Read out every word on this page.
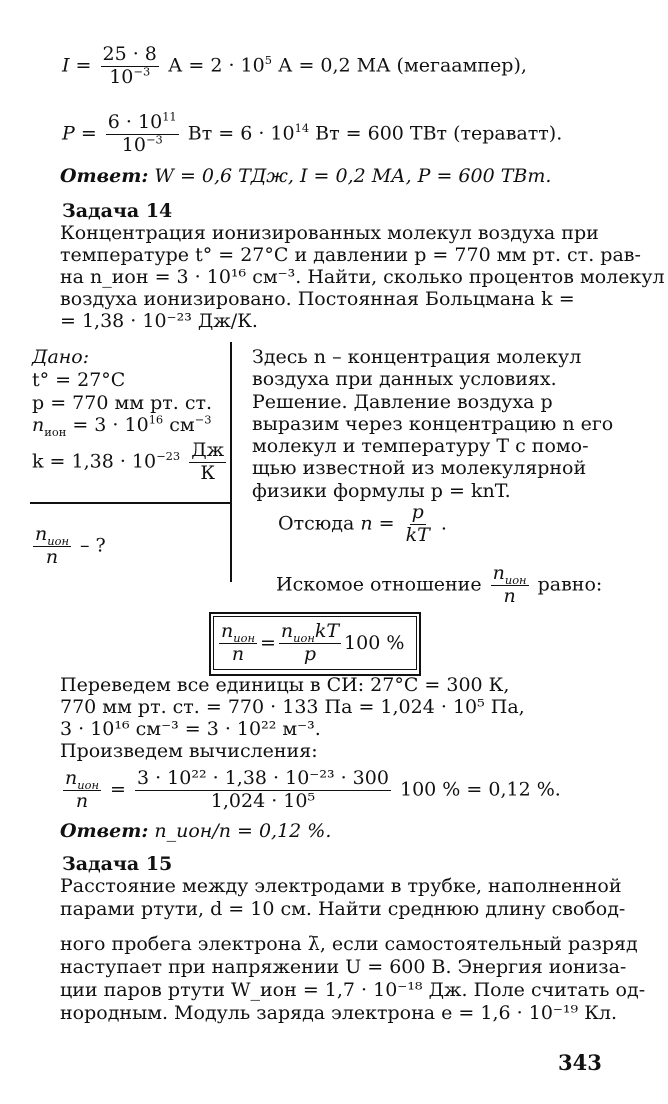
$I = \frac{25 \cdot 8}{10^{-3}}$ $А = 2 \cdot 10^5$ А = 0,2 МА (мегаампер),
$P = \frac{6 \cdot 10^{11}}{10^{-3}}$ Вт = $6 \cdot 10^{14}$ Вт = 600 ТВт (тераватт).
Ответ: W = 0,6 ТДж, I = 0,2 МА, P = 600 ТВт.
Задача 14
Концентрация ионизированных молекул воздуха при
температуре t° = 27°С и давлении p = 770 мм рт. ст. рав-
на n_ион = 3 · 10¹⁶ см⁻³. Найти, сколько процентов молекул
воздуха ионизировано. Постоянная Больцмана k =
= 1,38 · 10⁻²³ Дж/К.
Дано:
t° = 27°С
p = 770 мм рт. ст.
$n_{ион} = 3 \cdot 10^{16}$ $см^{-3}$
$k = 1,38 \cdot 10^{-23} \frac{Дж}{К}$
$\frac{n_{ион}}{n}$ – ?
Здесь n – концентрация молекул
воздуха при данных условиях.
Решение. Давление воздуха p
выразим через концентрацию n его
молекул и температуру T с помо-
щью известной из молекулярной
физики формулы p = knT.
Отсюда $n = \frac{p}{kT}$ .
Искомое отношение $\frac{n_{ион}}{n}$ равно:
$\frac{n_{ион}}{n} = \frac{n_{ион}kT}{p} 100$ %
Переведем все единицы в СИ: 27°С = 300 К,
770 мм рт. ст. = 770 · 133 Па = 1,024 · 10⁵ Па,
3 · 10¹⁶ см⁻³ = 3 · 10²² м⁻³.
Произведем вычисления:
$\frac{n_{ион}}{n} = \frac{\text{3 · 10²² · 1,38 · 10⁻²³ · 300}}{\text{1,024 · 10⁵}} 100$ % = 0,12 %.
Ответ: n_ион/n = 0,12 %.
Задача 15
Расстояние между электродами в трубке, наполненной
парами ртути, d = 10 см. Найти среднюю длину свобод-
ного пробега электрона λ̄, если самостоятельный разряд
наступает при напряжении U = 600 В. Энергия иониза-
ции паров ртути W_ион = 1,7 · 10⁻¹⁸ Дж. Поле считать од-
нородным. Модуль заряда электрона e = 1,6 · 10⁻¹⁹ Кл.
343
